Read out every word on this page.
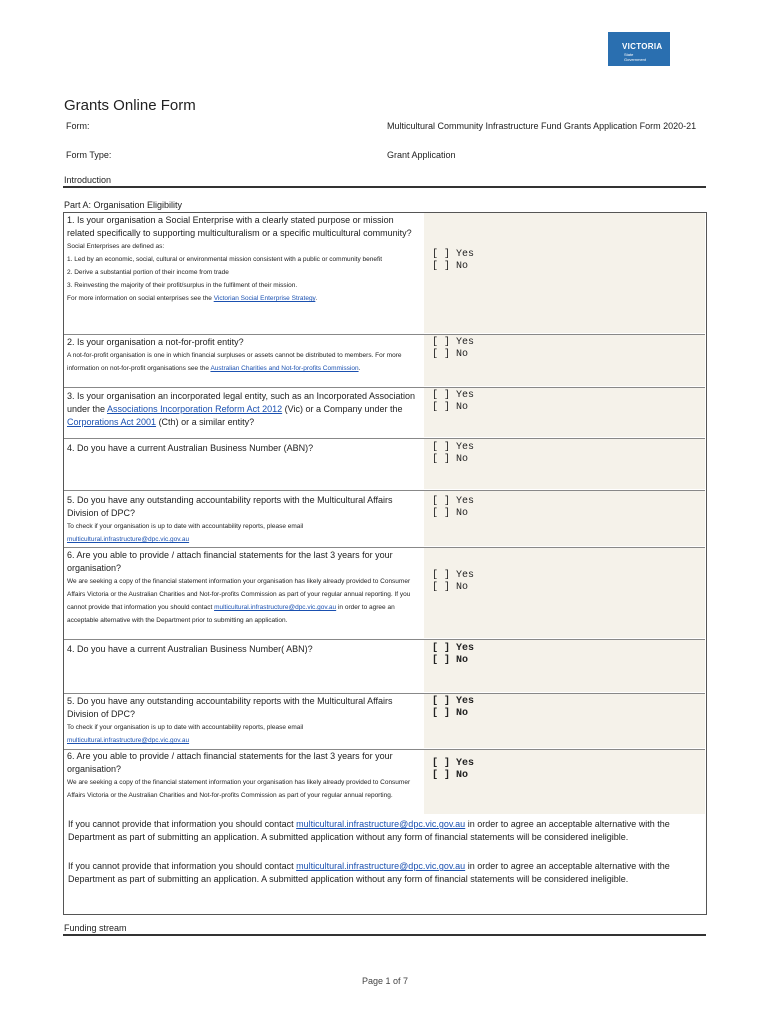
VICTORIA
State
Government
Grants Online Form
Form:	Multicultural Community Infrastructure Fund Grants Application Form 2020-21
Form Type:	Grant Application
Introduction
Part A: Organisation Eligibility
1. Is your organisation a Social Enterprise with a clearly stated purpose or mission related specifically to supporting multiculturalism or a specific multicultural community?
Social Enterprises are defined as:
1. Led by an economic, social, cultural or environmental mission consistent with a public or community benefit
2. Derive a substantial portion of their income from trade
3. Reinvesting the majority of their profit/surplus in the fulfilment of their mission.
For more information on social enterprises see the Victorian Social Enterprise Strategy.
[ ] Yes
[ ] No
2. Is your organisation a not-for-profit entity?
A not-for-profit organisation is one in which financial surpluses or assets cannot be distributed to members. For more information on not-for-profit organisations see the Australian Charities and Not-for-profits Commission.
[ ] Yes
[ ] No
3. Is your organisation an incorporated legal entity, such as an Incorporated Association under the Associations Incorporation Reform Act 2012 (Vic) or a Company under the Corporations Act 2001 (Cth) or a similar entity?
[ ] Yes
[ ] No
4. Do you have a current Australian Business Number (ABN)?	[ ] Yes
[ ] No
5. Do you have any outstanding accountability reports with the Multicultural Affairs Division of DPC?
To check if your organisation is up to date with accountability reports, please email
multicultural.infrastructure@dpc.vic.gov.au
[ ] Yes
[ ] No
6. Are you able to provide / attach financial statements for the last 3 years for your organisation?
We are seeking a copy of the financial statement information your organisation has likely already provided to Consumer Affairs Victoria or the Australian Charities and Not-for-profits Commission as part of your regular annual reporting. If you cannot provide that information you should contact multicultural.infrastructure@dpc.vic.gov.au in order to agree an acceptable alternative with the Department prior to submitting an application.
[ ] Yes
[ ] No
4. Do you have a current Australian Business Number( ABN)?	[ ] Yes
[ ] No
5. Do you have any outstanding accountability reports with the Multicultural Affairs Division of DPC?
To check if your organisation is up to date with accountability reports, please email
multicultural.infrastructure@dpc.vic.gov.au
[ ] Yes
[ ] No
6. Are you able to provide / attach financial statements for the last 3 years for your organisation?
We are seeking a copy of the financial statement information your organisation has likely already provided to Consumer Affairs Victoria or the Australian Charities and Not-for-profits Commission as part of your regular annual reporting.
[ ] Yes
[ ] No
If you cannot provide that information you should contact multicultural.infrastructure@dpc.vic.gov.au in order to agree an acceptable alternative with the Department as part of submitting an application. A submitted application without any form of financial statements will be considered ineligible.
If you cannot provide that information you should contact multicultural.infrastructure@dpc.vic.gov.au in order to agree an acceptable alternative with the Department as part of submitting an application. A submitted application without any form of financial statements will be considered ineligible.
Funding stream
Page 1 of 7
